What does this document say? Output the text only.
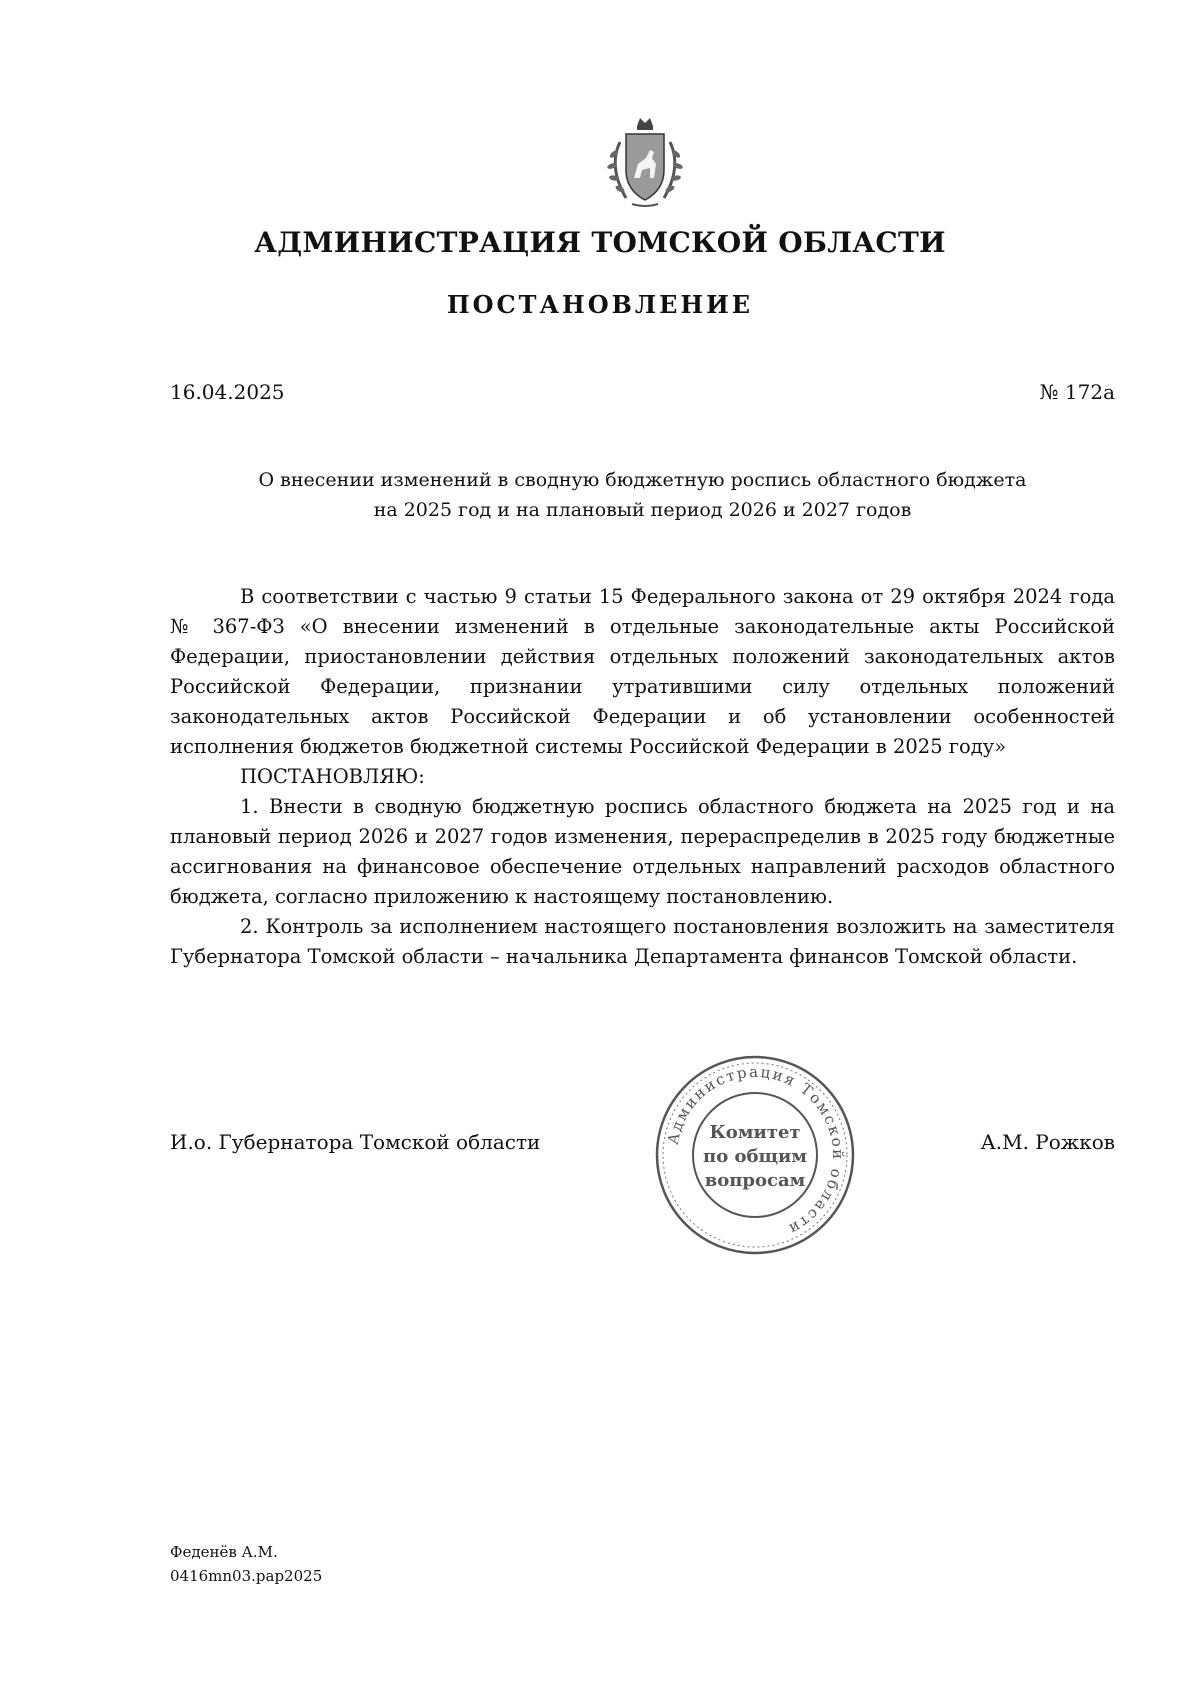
АДМИНИСТРАЦИЯ ТОМСКОЙ ОБЛАСТИ
ПОСТАНОВЛЕНИЕ
16.04.2025	№ 172а
О внесении изменений в сводную бюджетную роспись областного бюджета
на 2025 год и на плановый период 2026 и 2027 годов

В соответствии с частью 9 статьи 15 Федерального закона от 29 октября 2024 года № 367-ФЗ «О внесении изменений в отдельные законодательные акты Российской Федерации, приостановлении действия отдельных положений законодательных актов Российской Федерации, признании утратившими силу отдельных положений законодательных актов Российской Федерации и об установлении особенностей исполнения бюджетов бюджетной системы Российской Федерации в 2025 году»

ПОСТАНОВЛЯЮ:

1. Внести в сводную бюджетную роспись областного бюджета на 2025 год и на плановый период 2026 и 2027 годов изменения, перераспределив в 2025 году бюджетные ассигнования на финансовое обеспечение отдельных направлений расходов областного бюджета, согласно приложению к настоящему постановлению.

2. Контроль за исполнением настоящего постановления возложить на заместителя Губернатора Томской области – начальника Департамента финансов Томской области.

И.о. Губернатора Томской области	А.М. Рожков
Администрация Томской области
Комитет
по общим
вопросам
Феденёв А.М.
0416mn03.pap2025
